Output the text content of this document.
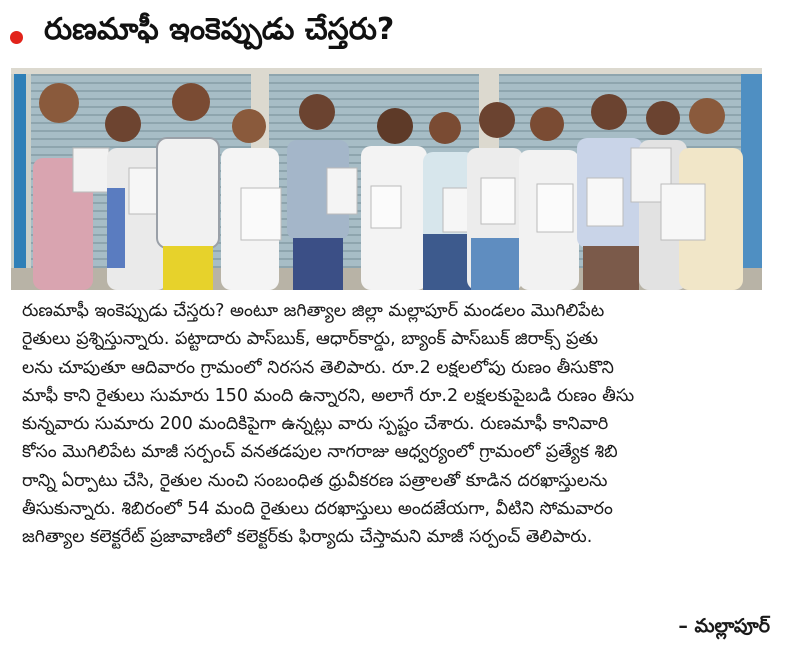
రుణమాఫీ ఇంకెప్పుడు చేస్తరు?
రుణమాఫీ ఇంకెప్పుడు చేస్తరు? అంటూ జగిత్యాల జిల్లా మల్లాపూర్ మండలం మొగిలిపేట
రైతులు ప్రశ్నిస్తున్నారు. పట్టాదారు పాస్‌బుక్, ఆధార్‌కార్డు, బ్యాంక్ పాస్‌బుక్ జిరాక్స్ ప్రతు
లను చూపుతూ ఆదివారం గ్రామంలో నిరసన తెలిపారు. రూ.2 లక్షలలోపు రుణం తీసుకొని
మాఫీ కాని రైతులు సుమారు 150 మంది ఉన్నారని, అలాగే రూ.2 లక్షలకుపైబడి రుణం తీసు
కున్నవారు సుమారు 200 మందికిపైగా ఉన్నట్లు వారు స్పష్టం చేశారు. రుణమాఫీ కానివారి
కోసం మొగిలిపేట మాజీ సర్పంచ్ వనతడపుల నాగరాజు ఆధ్వర్యంలో గ్రామంలో ప్రత్యేక శిబి
రాన్ని ఏర్పాటు చేసి, రైతుల నుంచి సంబంధిత ధ్రువీకరణ పత్రాలతో కూడిన దరఖాస్తులను
తీసుకున్నారు. శిబిరంలో 54 మంది రైతులు దరఖాస్తులు అందజేయగా, వీటిని సోమవారం
జగిత్యాల కలెక్టరేట్ ప్రజావాణిలో కలెక్టర్‌కు ఫిర్యాదు చేస్తామని మాజీ సర్పంచ్ తెలిపారు.
– మల్లాపూర్
